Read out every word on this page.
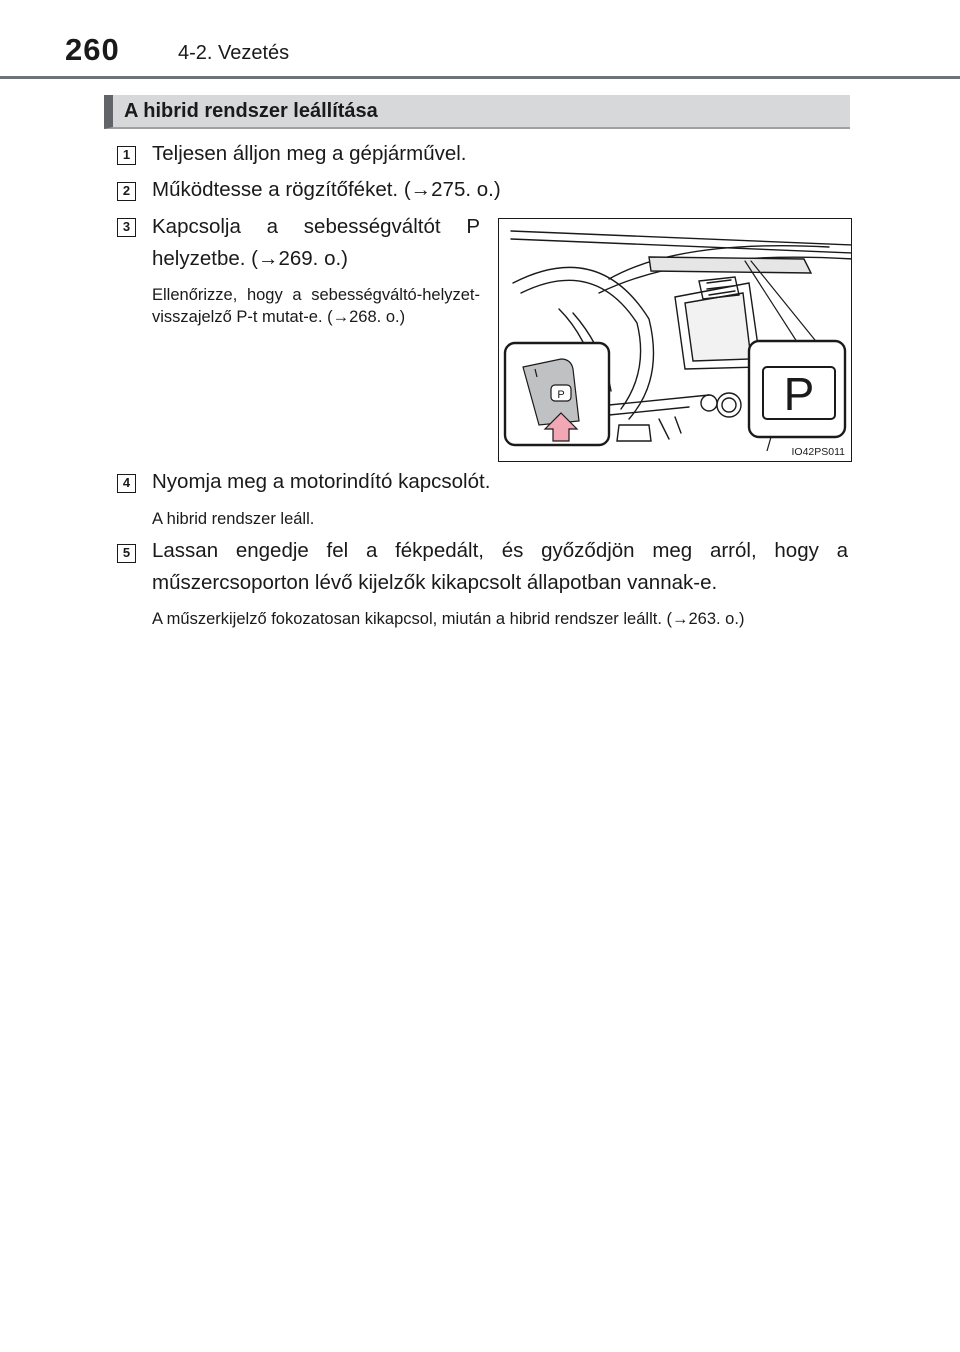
260	4-2. Vezetés
A hibrid rendszer leállítása
1 Teljesen álljon meg a gépjárművel.
2 Működtesse a rögzítőféket. (→275. o.)
3 Kapcsolja a sebességváltót P helyzetbe. (→269. o.)
Ellenőrizze, hogy a sebességváltó-helyzet-visszajelző P-t mutat-e. (→268. o.)
P	P
IO42PS011
4 Nyomja meg a motorindító kapcsolót.
A hibrid rendszer leáll.
5 Lassan engedje fel a fékpedált, és győződjön meg arról, hogy a műszercsoporton lévő kijelzők kikapcsolt állapotban vannak-e.
A műszerkijelző fokozatosan kikapcsol, miután a hibrid rendszer leállt. (→263. o.)
